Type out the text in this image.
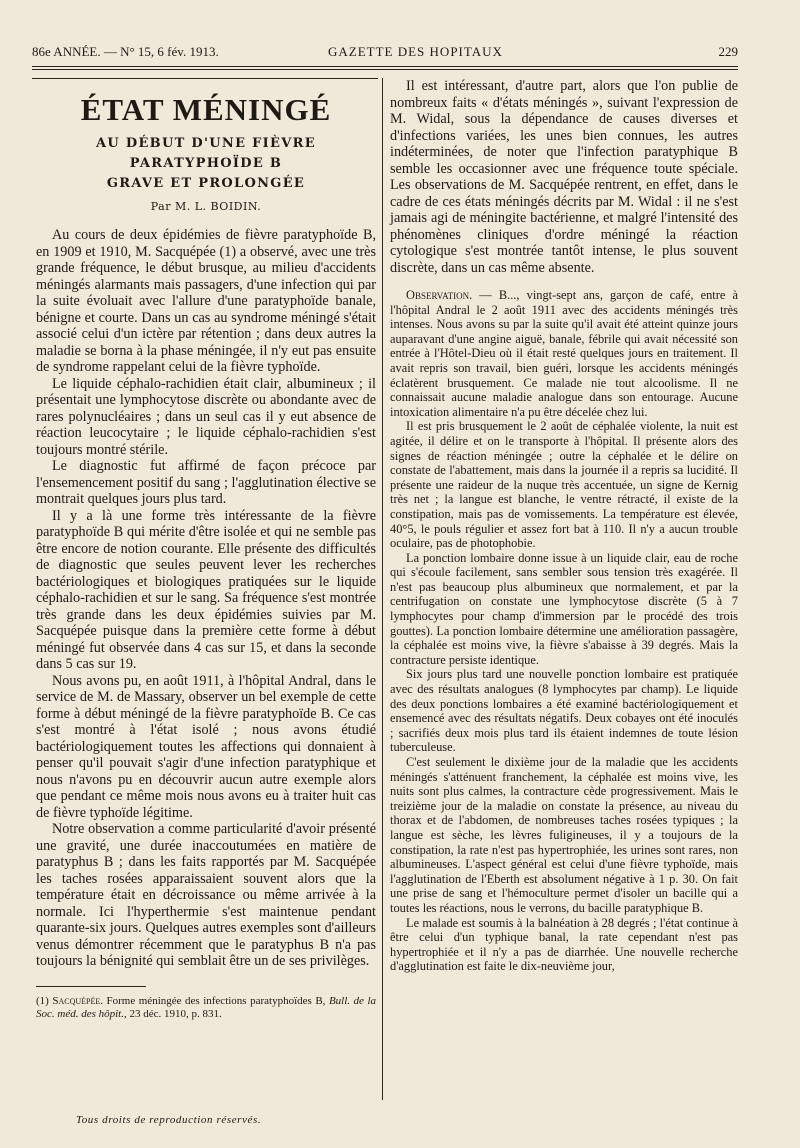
86e ANNÉE. — N° 15, 6 fév. 1913.	GAZETTE DES HOPITAUX	229
ÉTAT MÉNINGÉ

AU DÉBUT D'UNE FIÈVRE PARATYPHOÏDE B

GRAVE ET PROLONGÉE

Par M. L. BOIDIN.

Au cours de deux épidémies de fièvre paratyphoïde B, en 1909 et 1910, M. Sacquépée (1) a observé, avec une très grande fréquence, le début brusque, au milieu d'accidents méningés alarmants mais passagers, d'une infection qui par la suite évoluait avec l'allure d'une paratyphoïde banale, bénigne et courte. Dans un cas au syndrome méningé s'était associé celui d'un ictère par rétention ; dans deux autres la maladie se borna à la phase méningée, il n'y eut pas ensuite de syndrome rappelant celui de la fièvre typhoïde.

Le liquide céphalo-rachidien était clair, albumineux ; il présentait une lymphocytose discrète ou abondante avec de rares polynucléaires ; dans un seul cas il y eut absence de réaction leucocytaire ; le liquide céphalo-rachidien s'est toujours montré stérile.

Le diagnostic fut affirmé de façon précoce par l'ensemencement positif du sang ; l'agglutination élective se montrait quelques jours plus tard.

Il y a là une forme très intéressante de la fièvre paratyphoïde B qui mérite d'être isolée et qui ne semble pas être encore de notion courante. Elle présente des difficultés de diagnostic que seules peuvent lever les recherches bactériologiques et biologiques pratiquées sur le liquide céphalo-rachidien et sur le sang. Sa fréquence s'est montrée très grande dans les deux épidémies suivies par M. Sacquépée puisque dans la première cette forme à début méningé fut observée dans 4 cas sur 15, et dans la seconde dans 5 cas sur 19.

Nous avons pu, en août 1911, à l'hôpital Andral, dans le service de M. de Massary, observer un bel exemple de cette forme à début méningé de la fièvre paratyphoïde B. Ce cas s'est montré à l'état isolé ; nous avons étudié bactériologiquement toutes les affections qui donnaient à penser qu'il pouvait s'agir d'une infection paratyphique et nous n'avons pu en découvrir aucun autre exemple alors que pendant ce même mois nous avons eu à traiter huit cas de fièvre typhoïde légitime.

Notre observation a comme particularité d'avoir présenté une gravité, une durée inaccoutumées en matière de paratyphus B ; dans les faits rapportés par M. Sacquépée les taches rosées apparaissaient souvent alors que la température était en décroissance ou même arrivée à la normale. Ici l'hyperthermie s'est maintenue pendant quarante-six jours. Quelques autres exemples sont d'ailleurs venus démontrer récemment que le paratyphus B n'a pas toujours la bénignité qui semblait être un de ses privilèges.

(1) Sacquépée. Forme méningée des infections paratyphoïdes B, Bull. de la Soc. méd. des hôpit., 23 déc. 1910, p. 831.

Tous droits de reproduction réservés.

Il est intéressant, d'autre part, alors que l'on publie de nombreux faits « d'états méningés », suivant l'expression de M. Widal, sous la dépendance de causes diverses et d'infections variées, les unes bien connues, les autres indéterminées, de noter que l'infection paratyphique B semble les occasionner avec une fréquence toute spéciale. Les observations de M. Sacquépée rentrent, en effet, dans le cadre de ces états méningés décrits par M. Widal : il ne s'est jamais agi de méningite bactérienne, et malgré l'intensité des phénomènes cliniques d'ordre méningé la réaction cytologique s'est montrée tantôt intense, le plus souvent discrète, dans un cas même absente.

Observation. — B..., vingt-sept ans, garçon de café, entre à l'hôpital Andral le 2 août 1911 avec des accidents méningés très intenses. Nous avons su par la suite qu'il avait été atteint quinze jours auparavant d'une angine aiguë, banale, fébrile qui avait nécessité son entrée à l'Hôtel-Dieu où il était resté quelques jours en traitement. Il avait repris son travail, bien guéri, lorsque les accidents méningés éclatèrent brusquement. Ce malade nie tout alcoolisme. Il ne connaissait aucune maladie analogue dans son entourage. Aucune intoxication alimentaire n'a pu être décelée chez lui.

Il est pris brusquement le 2 août de céphalée violente, la nuit est agitée, il délire et on le transporte à l'hôpital. Il présente alors des signes de réaction méningée ; outre la céphalée et le délire on constate de l'abattement, mais dans la journée il a repris sa lucidité. Il présente une raideur de la nuque très accentuée, un signe de Kernig très net ; la langue est blanche, le ventre rétracté, il existe de la constipation, mais pas de vomissements. La température est élevée, 40°5, le pouls régulier et assez fort bat à 110. Il n'y a aucun trouble oculaire, pas de photophobie.

La ponction lombaire donne issue à un liquide clair, eau de roche qui s'écoule facilement, sans sembler sous tension très exagérée. Il n'est pas beaucoup plus albumineux que normalement, et par la centrifugation on constate une lymphocytose discrète (5 à 7 lymphocytes pour champ d'immersion par le procédé des trois gouttes). La ponction lombaire détermine une amélioration passagère, la céphalée est moins vive, la fièvre s'abaisse à 39 degrés. Mais la contracture persiste identique.

Six jours plus tard une nouvelle ponction lombaire est pratiquée avec des résultats analogues (8 lymphocytes par champ). Le liquide des deux ponctions lombaires a été examiné bactériologiquement et ensemencé avec des résultats négatifs. Deux cobayes ont été inoculés ; sacrifiés deux mois plus tard ils étaient indemnes de toute lésion tuberculeuse.

C'est seulement le dixième jour de la maladie que les accidents méningés s'atténuent franchement, la céphalée est moins vive, les nuits sont plus calmes, la contracture cède progressivement. Mais le treizième jour de la maladie on constate la présence, au niveau du thorax et de l'abdomen, de nombreuses taches rosées typiques ; la langue est sèche, les lèvres fuligineuses, il y a toujours de la constipation, la rate n'est pas hypertrophiée, les urines sont rares, non albumineuses. L'aspect général est celui d'une fièvre typhoïde, mais l'agglutination de l'Eberth est absolument négative à 1 p. 30. On fait une prise de sang et l'hémoculture permet d'isoler un bacille qui a toutes les réactions, nous le verrons, du bacille paratyphique B.

Le malade est soumis à la balnéation à 28 degrés ; l'état continue à être celui d'un typhique banal, la rate cependant n'est pas hypertrophiée et il n'y a pas de diarrhée. Une nouvelle recherche d'agglutination est faite le dix-neuvième jour,
